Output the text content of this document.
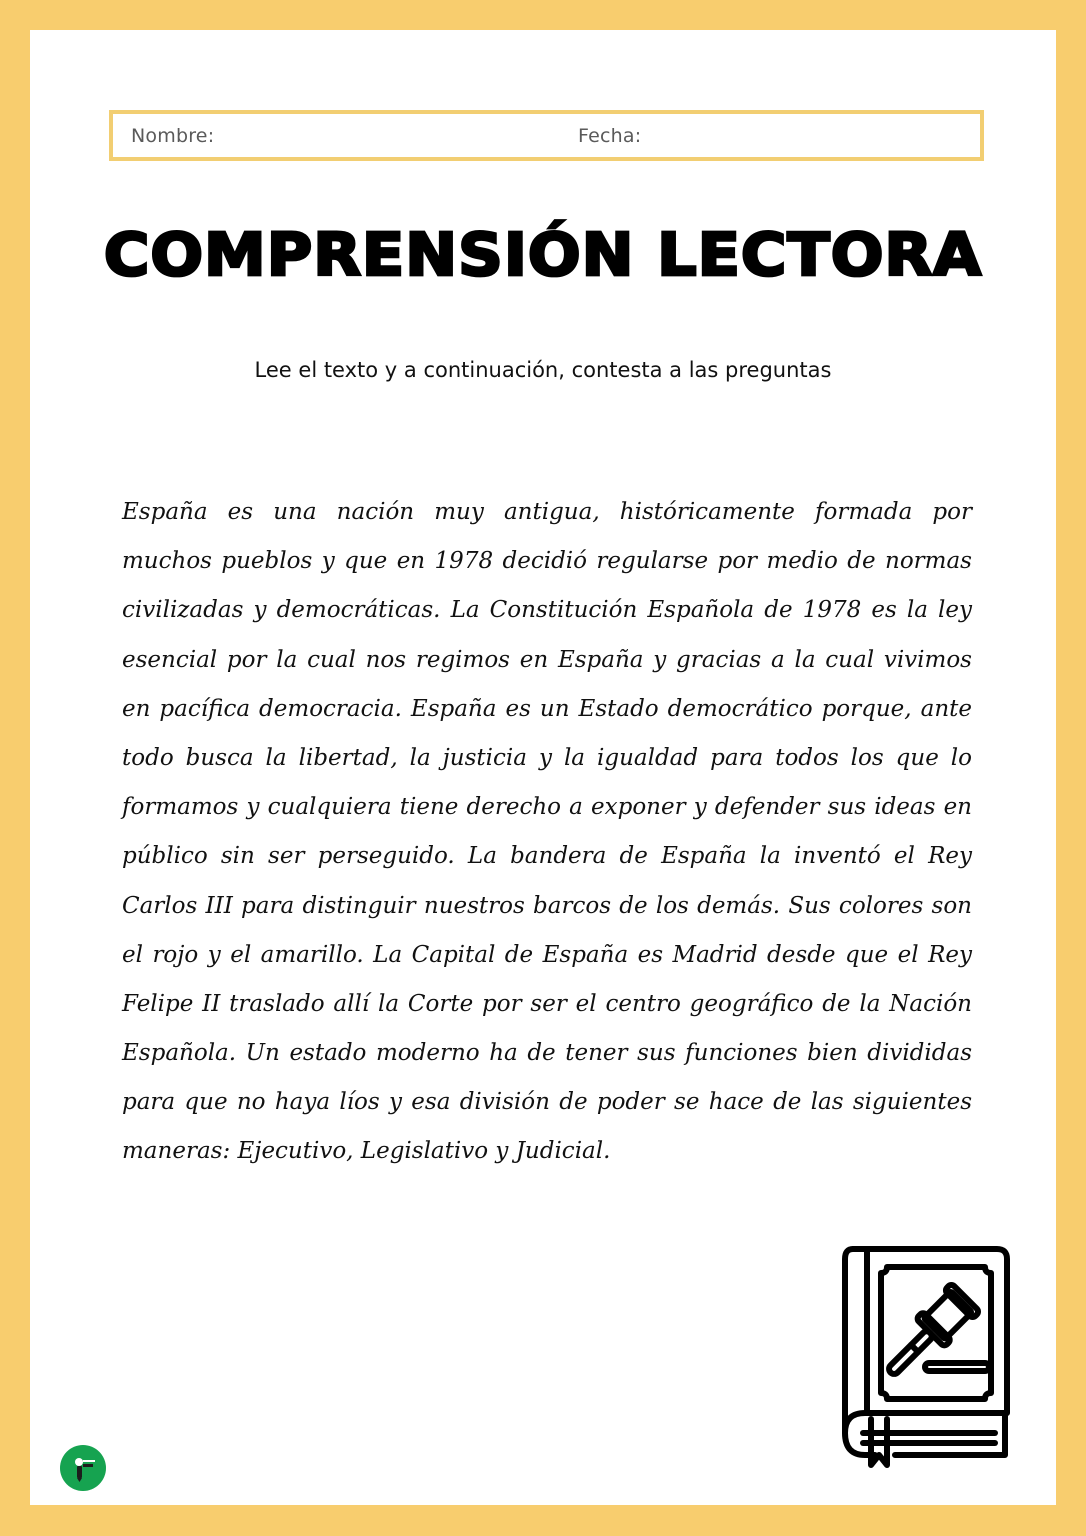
Nombre:	Fecha:
COMPRENSIÓN LECTORA
Lee el texto y a continuación, contesta a las preguntas
España es una nación muy antigua, históricamente formada por
muchos pueblos y que en 1978 decidió regularse por medio de normas
civilizadas y democráticas. La Constitución Española de 1978 es la ley
esencial por la cual nos regimos en España y gracias a la cual vivimos
en pacífica democracia. España es un Estado democrático porque, ante
todo busca la libertad, la justicia y la igualdad para todos los que lo
formamos y cualquiera tiene derecho a exponer y defender sus ideas en
público sin ser perseguido. La bandera de España la inventó el Rey
Carlos III para distinguir nuestros barcos de los demás. Sus colores son
el rojo y el amarillo. La Capital de España es Madrid desde que el Rey
Felipe II traslado allí la Corte por ser el centro geográfico de la Nación
Española. Un estado moderno ha de tener sus funciones bien divididas
para que no haya líos y esa división de poder se hace de las siguientes
maneras: Ejecutivo, Legislativo y Judicial.
